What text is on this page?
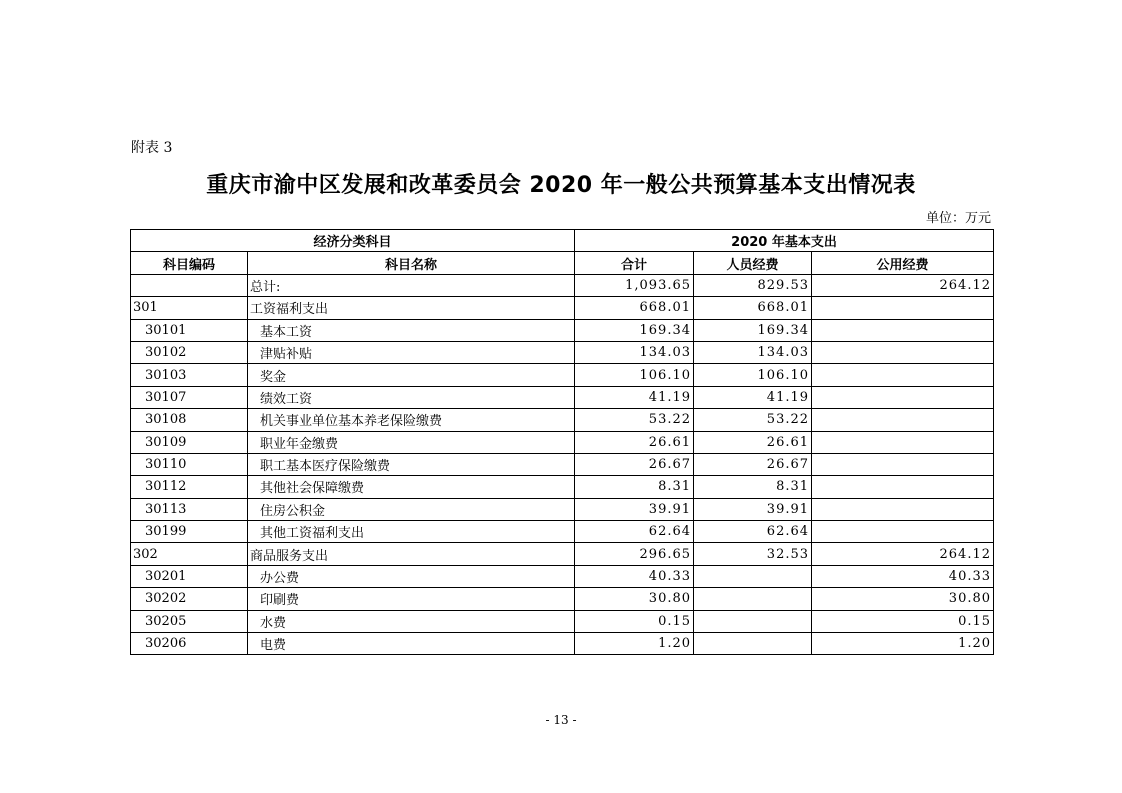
附表 3
重庆市渝中区发展和改革委员会 2020 年一般公共预算基本支出情况表
单位：万元
经济分类科目		2020 年基本支出		
科目编码	科目名称	合计	人员经费	公用经费
	总计:	1,093.65	829.53	264.12
301	工资福利支出	668.01	668.01	
30101	基本工资	169.34	169.34	
30102	津贴补贴	134.03	134.03	
30103	奖金	106.10	106.10	
30107	绩效工资	41.19	41.19	
30108	机关事业单位基本养老保险缴费	53.22	53.22	
30109	职业年金缴费	26.61	26.61	
30110	职工基本医疗保险缴费	26.67	26.67	
30112	其他社会保障缴费	8.31	8.31	
30113	住房公积金	39.91	39.91	
30199	其他工资福利支出	62.64	62.64	
302	商品服务支出	296.65	32.53	264.12
30201	办公费	40.33		40.33
30202	印刷费	30.80		30.80
30205	水费	0.15		0.15
30206	电费	1.20		1.20
- 13 -
